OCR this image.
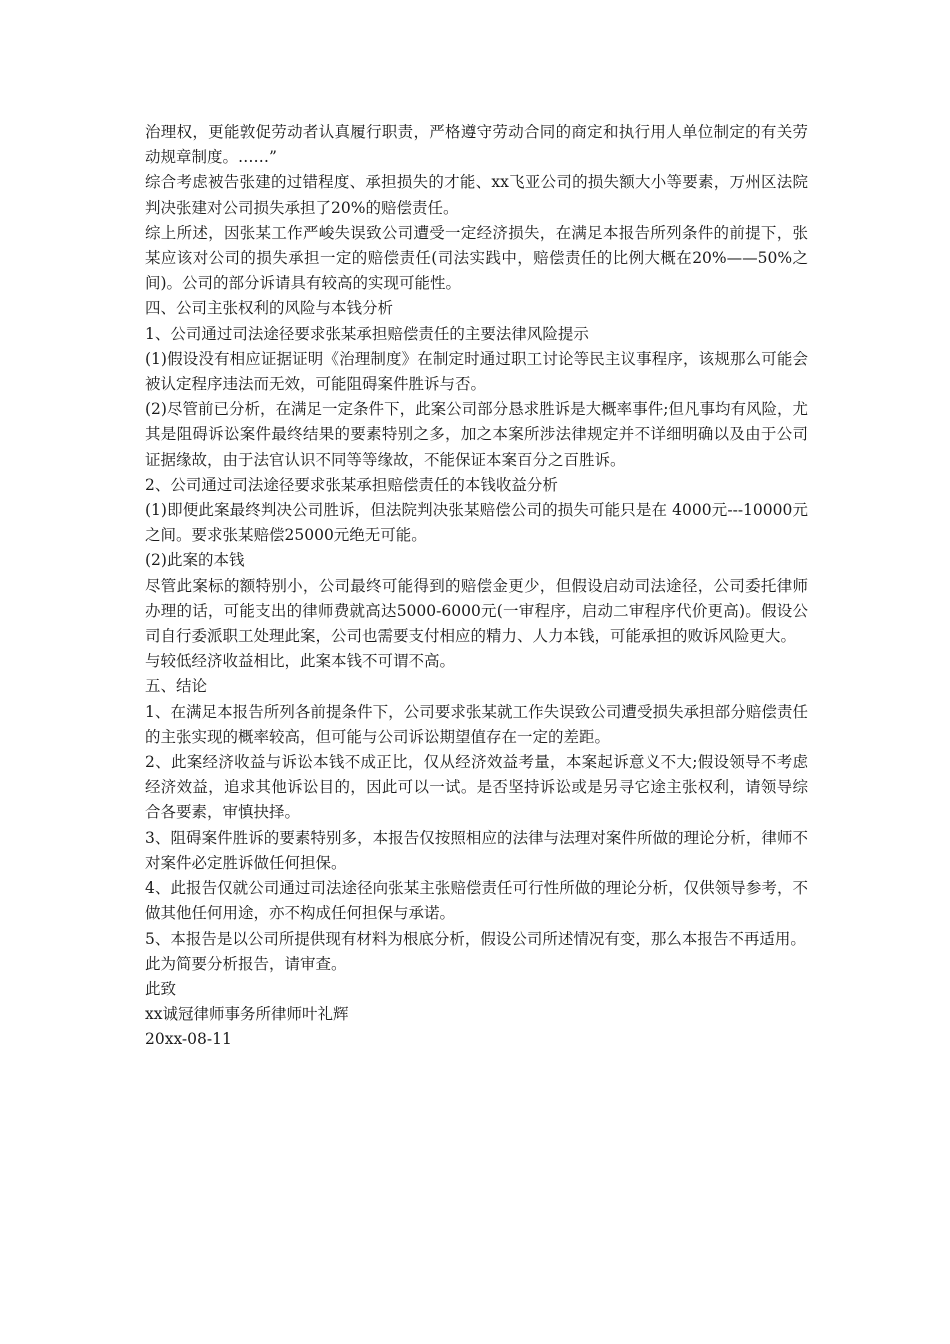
治理权，更能敦促劳动者认真履行职责，严格遵守劳动合同的商定和执行用人单位制定的有关劳动规章制度。……”

综合考虑被告张建的过错程度、承担损失的才能、xx飞亚公司的损失额大小等要素，万州区法院判决张建对公司损失承担了20%的赔偿责任。

综上所述，因张某工作严峻失误致公司遭受一定经济损失，在满足本报告所列条件的前提下，张某应该对公司的损失承担一定的赔偿责任(司法实践中，赔偿责任的比例大概在20%——50%之间)。公司的部分诉请具有较高的实现可能性。

四、公司主张权利的风险与本钱分析

1、公司通过司法途径要求张某承担赔偿责任的主要法律风险提示

(1)假设没有相应证据证明《治理制度》在制定时通过职工讨论等民主议事程序，该规那么可能会被认定程序违法而无效，可能阻碍案件胜诉与否。

(2)尽管前已分析，在满足一定条件下，此案公司部分恳求胜诉是大概率事件;但凡事均有风险，尤其是阻碍诉讼案件最终结果的要素特别之多，加之本案所涉法律规定并不详细明确以及由于公司证据缘故，由于法官认识不同等等缘故，不能保证本案百分之百胜诉。

2、公司通过司法途径要求张某承担赔偿责任的本钱收益分析

(1)即便此案最终判决公司胜诉，但法院判决张某赔偿公司的损失可能只是在 4000元---10000元之间。要求张某赔偿25000元绝无可能。

(2)此案的本钱

尽管此案标的额特别小，公司最终可能得到的赔偿金更少，但假设启动司法途径，公司委托律师办理的话，可能支出的律师费就高达5000-6000元(一审程序，启动二审程序代价更高)。假设公司自行委派职工处理此案，公司也需要支付相应的精力、人力本钱，可能承担的败诉风险更大。

与较低经济收益相比，此案本钱不可谓不高。

五、结论

1、在满足本报告所列各前提条件下，公司要求张某就工作失误致公司遭受损失承担部分赔偿责任的主张实现的概率较高，但可能与公司诉讼期望值存在一定的差距。

2、此案经济收益与诉讼本钱不成正比，仅从经济效益考量，本案起诉意义不大;假设领导不考虑经济效益，追求其他诉讼目的，因此可以一试。是否坚持诉讼或是另寻它途主张权利，请领导综合各要素，审慎抉择。

3、阻碍案件胜诉的要素特别多，本报告仅按照相应的法律与法理对案件所做的理论分析，律师不对案件必定胜诉做任何担保。

4、此报告仅就公司通过司法途径向张某主张赔偿责任可行性所做的理论分析，仅供领导参考，不做其他任何用途，亦不构成任何担保与承诺。

5、本报告是以公司所提供现有材料为根底分析，假设公司所述情况有变，那么本报告不再适用。

此为简要分析报告，请审查。

此致

xx诚冠律师事务所律师叶礼辉

20xx-08-11
